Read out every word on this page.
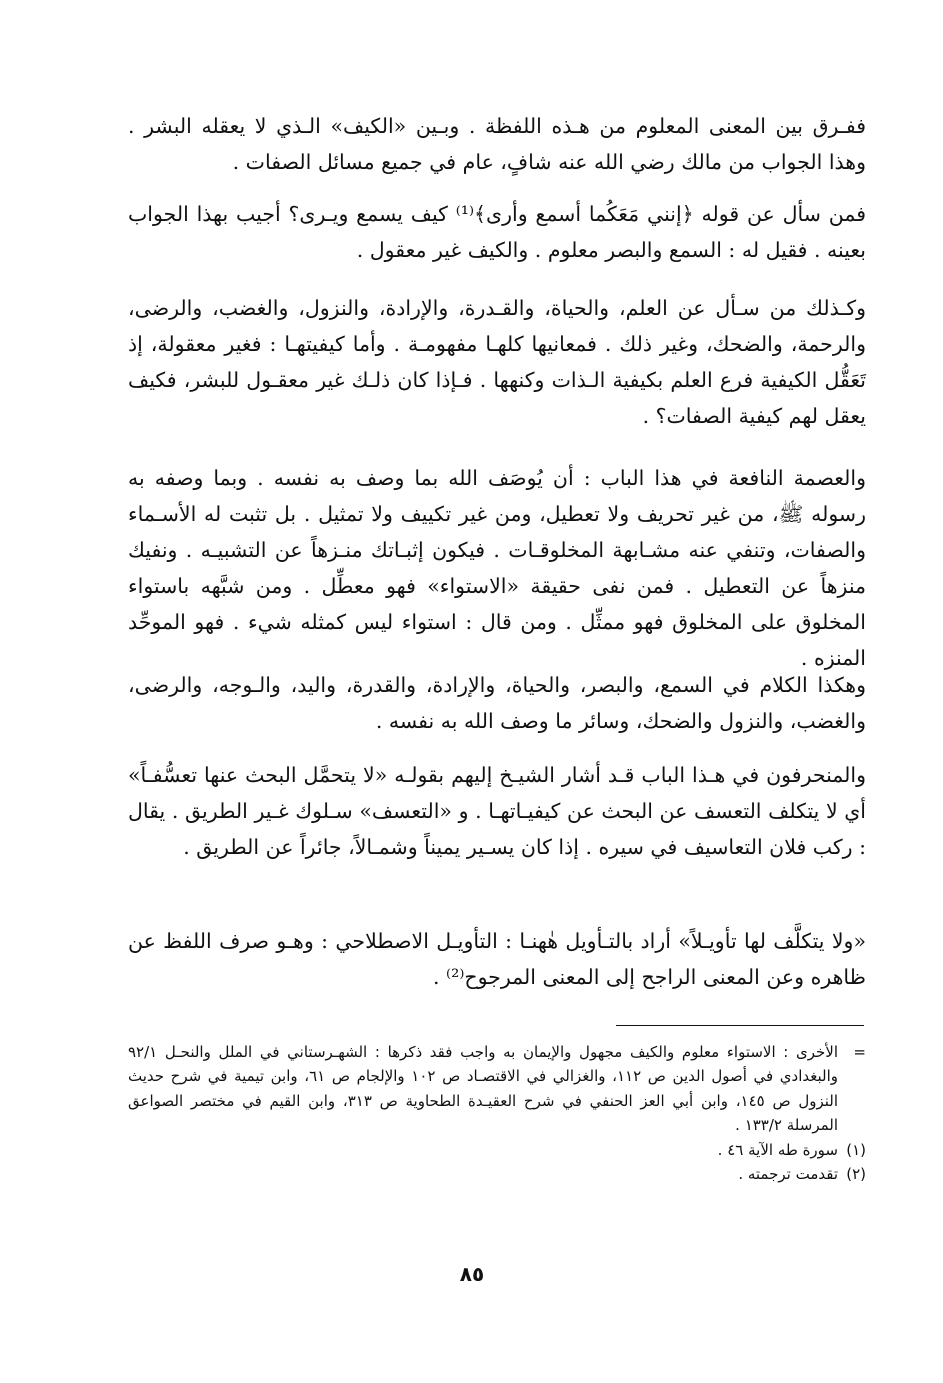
ففـرق بين المعنى المعلوم من هـذه اللفظة . وبـين «الكيف» الـذي لا يعقله البشر . وهذا الجواب من مالك رضي الله عنه شافٍ، عام في جميع مسائل الصفات .

فمن سأل عن قوله ﴿إنني مَعَكُما أسمع وأرى﴾⁽¹⁾ كيف يسمع ويـرى؟ أجيب بهذا الجواب بعينه . فقيل له : السمع والبصر معلوم . والكيف غير معقول .

وكـذلك من سـأل عن العلم، والحياة، والقـدرة، والإرادة، والنزول، والغضب، والرضى، والرحمة، والضحك، وغير ذلك . فمعانيها كلهـا مفهومـة . وأما كيفيتهـا : فغير معقولة، إذ تَعَقُّل الكيفية فرع العلم بكيفية الـذات وكنهها . فـإذا كان ذلـك غير معقـول للبشر، فكيف يعقل لهم كيفية الصفات؟ .

والعصمة النافعة في هذا الباب : أن يُوصَف الله بما وصف به نفسه . وبما وصفه به رسوله ﷺ، من غير تحريف ولا تعطيل، ومن غير تكييف ولا تمثيل . بل تثبت له الأسـماء والصفات، وتنفي عنه مشـابهة المخلوقـات . فيكون إثبـاتك منـزهاً عن التشبيـه . ونفيك منزهاً عن التعطيل . فمن نفى حقيقة «الاستواء» فهو معطِّل . ومن شبَّهه باستواء المخلوق على المخلوق فهو ممثِّل . ومن قال : استواء ليس كمثله شيء . فهو الموحِّد المنزه .

وهكذا الكلام في السمع، والبصر، والحياة، والإرادة، والقدرة، واليد، والـوجه، والرضى، والغضب، والنزول والضحك، وسائر ما وصف الله به نفسه .

والمنحرفون في هـذا الباب قـد أشار الشيـخ إليهم بقولـه «لا يتحمَّل البحث عنها تعسُّفـاً» أي لا يتكلف التعسف عن البحث عن كيفيـاتهـا . و «التعسف» سـلوك غـير الطريق . يقال : ركب فلان التعاسيف في سيره . إذا كان يسـير يميناً وشمـالاً، جائراً عن الطريق .

«ولا يتكلَّف لها تأويـلاً» أراد بالتـأويل هٰهنـا : التأويـل الاصطلاحي : وهـو صرف اللفظ عن ظاهره وعن المعنى الراجح إلى المعنى المرجوح⁽²⁾ .

=
الأخرى : الاستواء معلوم والكيف مجهول والإيمان به واجب فقد ذكرها : الشهـرستاني في الملل والنحـل ٩٢/١ والبغدادي في أصول الدين ص ١١٢، والغزالي في الاقتصـاد ص ١٠٢ والإلجام ص ٦١، وابن تيمية في شرح حديث النزول ص ١٤٥، وابن أبي العز الحنفي في شرح العقيـدة الطحاوية ص ٣١٣، وابن القيم في مختصر الصواعق المرسلة ١٣٣/٢ .
(١)
سورة طه الآية ٤٦ .
(٢)
تقدمت ترجمته .
٨٥
